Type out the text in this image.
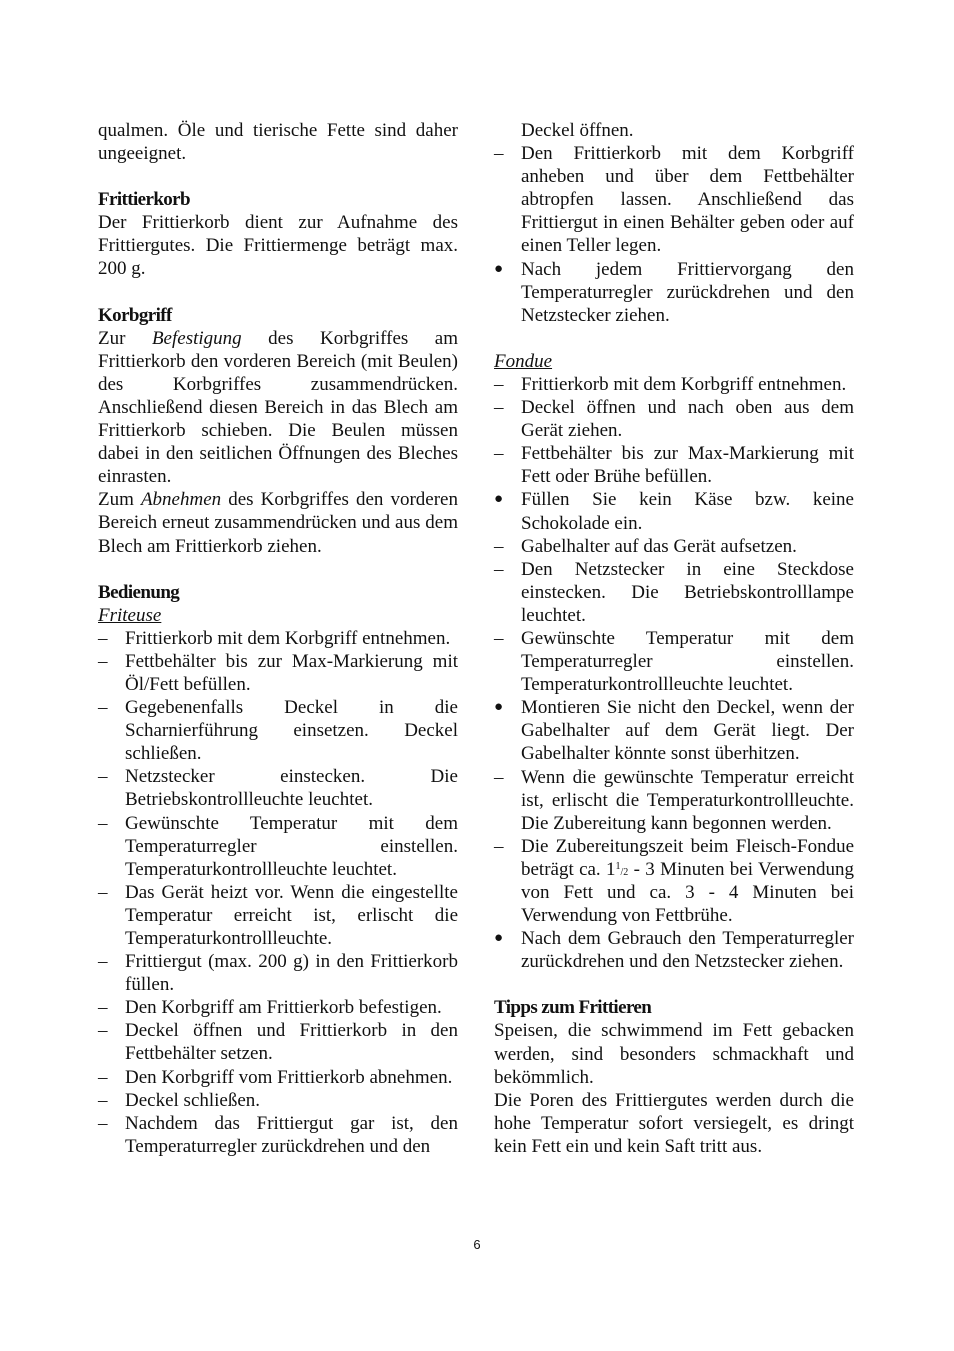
qualmen. Öle und tierische Fette sind daher ungeeignet.

Frittierkorb

Der Frittierkorb dient zur Aufnahme des Frittiergutes. Die Frittiermenge beträgt max. 200 g.

Korbgriff

Zur Befestigung des Korbgriffes am Frittierkorb den vorderen Bereich (mit Beulen) des Korbgriffes zusammendrücken. Anschließend diesen Bereich in das Blech am Frittierkorb schieben. Die Beulen müssen dabei in den seitlichen Öffnungen des Bleches einrasten.

Zum Abnehmen des Korbgriffes den vorderen Bereich erneut zusammendrücken und aus dem Blech am Frittierkorb ziehen.

Bedienung

Friteuse

– Frittierkorb mit dem Korbgriff entnehmen.
– Fettbehälter bis zur Max-Markierung mit Öl/Fett befüllen.
– Gegebenenfalls Deckel in die Scharnierführung einsetzen. Deckel schließen.
– Netzstecker einstecken. Die Betriebskontrollleuchte leuchtet.
– Gewünschte Temperatur mit dem Temperaturregler einstellen. Temperaturkontrollleuchte leuchtet.
– Das Gerät heizt vor. Wenn die eingestellte Temperatur erreicht ist, erlischt die Temperaturkontrollleuchte.
– Frittiergut (max. 200 g) in den Frittierkorb füllen.
– Den Korbgriff am Frittierkorb befestigen.
– Deckel öffnen und Frittierkorb in den Fettbehälter setzen.
– Den Korbgriff vom Frittierkorb abnehmen.
– Deckel schließen.
– Nachdem das Frittiergut gar ist, den Temperaturregler zurückdrehen und den
Deckel öffnen.
– Den Frittierkorb mit dem Korbgriff anheben und über dem Fettbehälter abtropfen lassen. Anschließend das Frittiergut in einen Behälter geben oder auf einen Teller legen.
● Nach jedem Frittiervorgang den Temperaturregler zurückdrehen und den Netzstecker ziehen.

Fondue

– Frittierkorb mit dem Korbgriff entnehmen.
– Deckel öffnen und nach oben aus dem Gerät ziehen.
– Fettbehälter bis zur Max-Markierung mit Fett oder Brühe befüllen.
● Füllen Sie kein Käse bzw. keine Schokolade ein.
– Gabelhalter auf das Gerät aufsetzen.
– Den Netzstecker in eine Steckdose einstecken. Die Betriebskontrolllampe leuchtet.
– Gewünschte Temperatur mit dem Temperaturregler einstellen. Temperaturkontrollleuchte leuchtet.
● Montieren Sie nicht den Deckel, wenn der Gabelhalter auf dem Gerät liegt. Der Gabelhalter könnte sonst überhitzen.
– Wenn die gewünschte Temperatur erreicht ist, erlischt die Temperaturkontrollleuchte. Die Zubereitung kann begonnen werden.
– Die Zubereitungszeit beim Fleisch-Fondue beträgt ca. $1^1/2 - 3$ Minuten bei Verwendung von Fett und ca. 3 - 4 Minuten bei Verwendung von Fettbrühe.
● Nach dem Gebrauch den Temperaturregler zurückdrehen und den Netzstecker ziehen.

Tipps zum Frittieren

Speisen, die schwimmend im Fett gebacken werden, sind besonders schmackhaft und bekömmlich.

Die Poren des Frittiergutes werden durch die hohe Temperatur sofort versiegelt, es dringt kein Fett ein und kein Saft tritt aus.

6
